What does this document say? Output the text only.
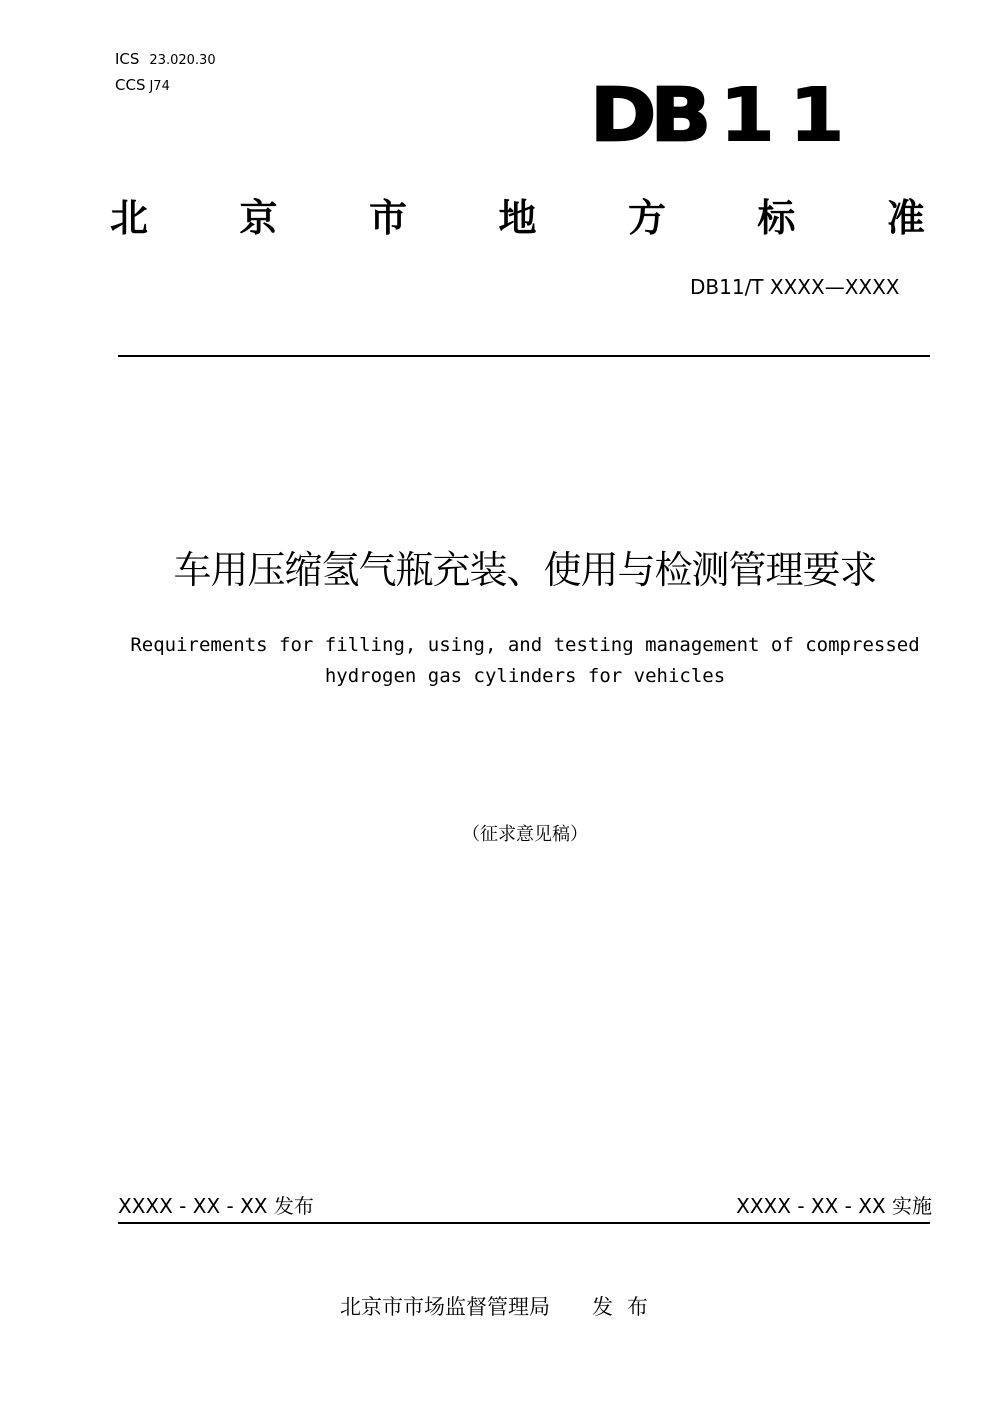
ICS 23.020.30
CCS J74	DB 11
北 京 市 地 方 标 准
DB11/T XXXX—XXXX
车用压缩氢气瓶充装、使用与检测管理要求
Requirements for filling, using, and testing management of compressed
hydrogen gas cylinders for vehicles
（征求意见稿）
XXXX - XX - XX 发布	XXXX - XX - XX 实施
北京市市场监督管理局 发布
